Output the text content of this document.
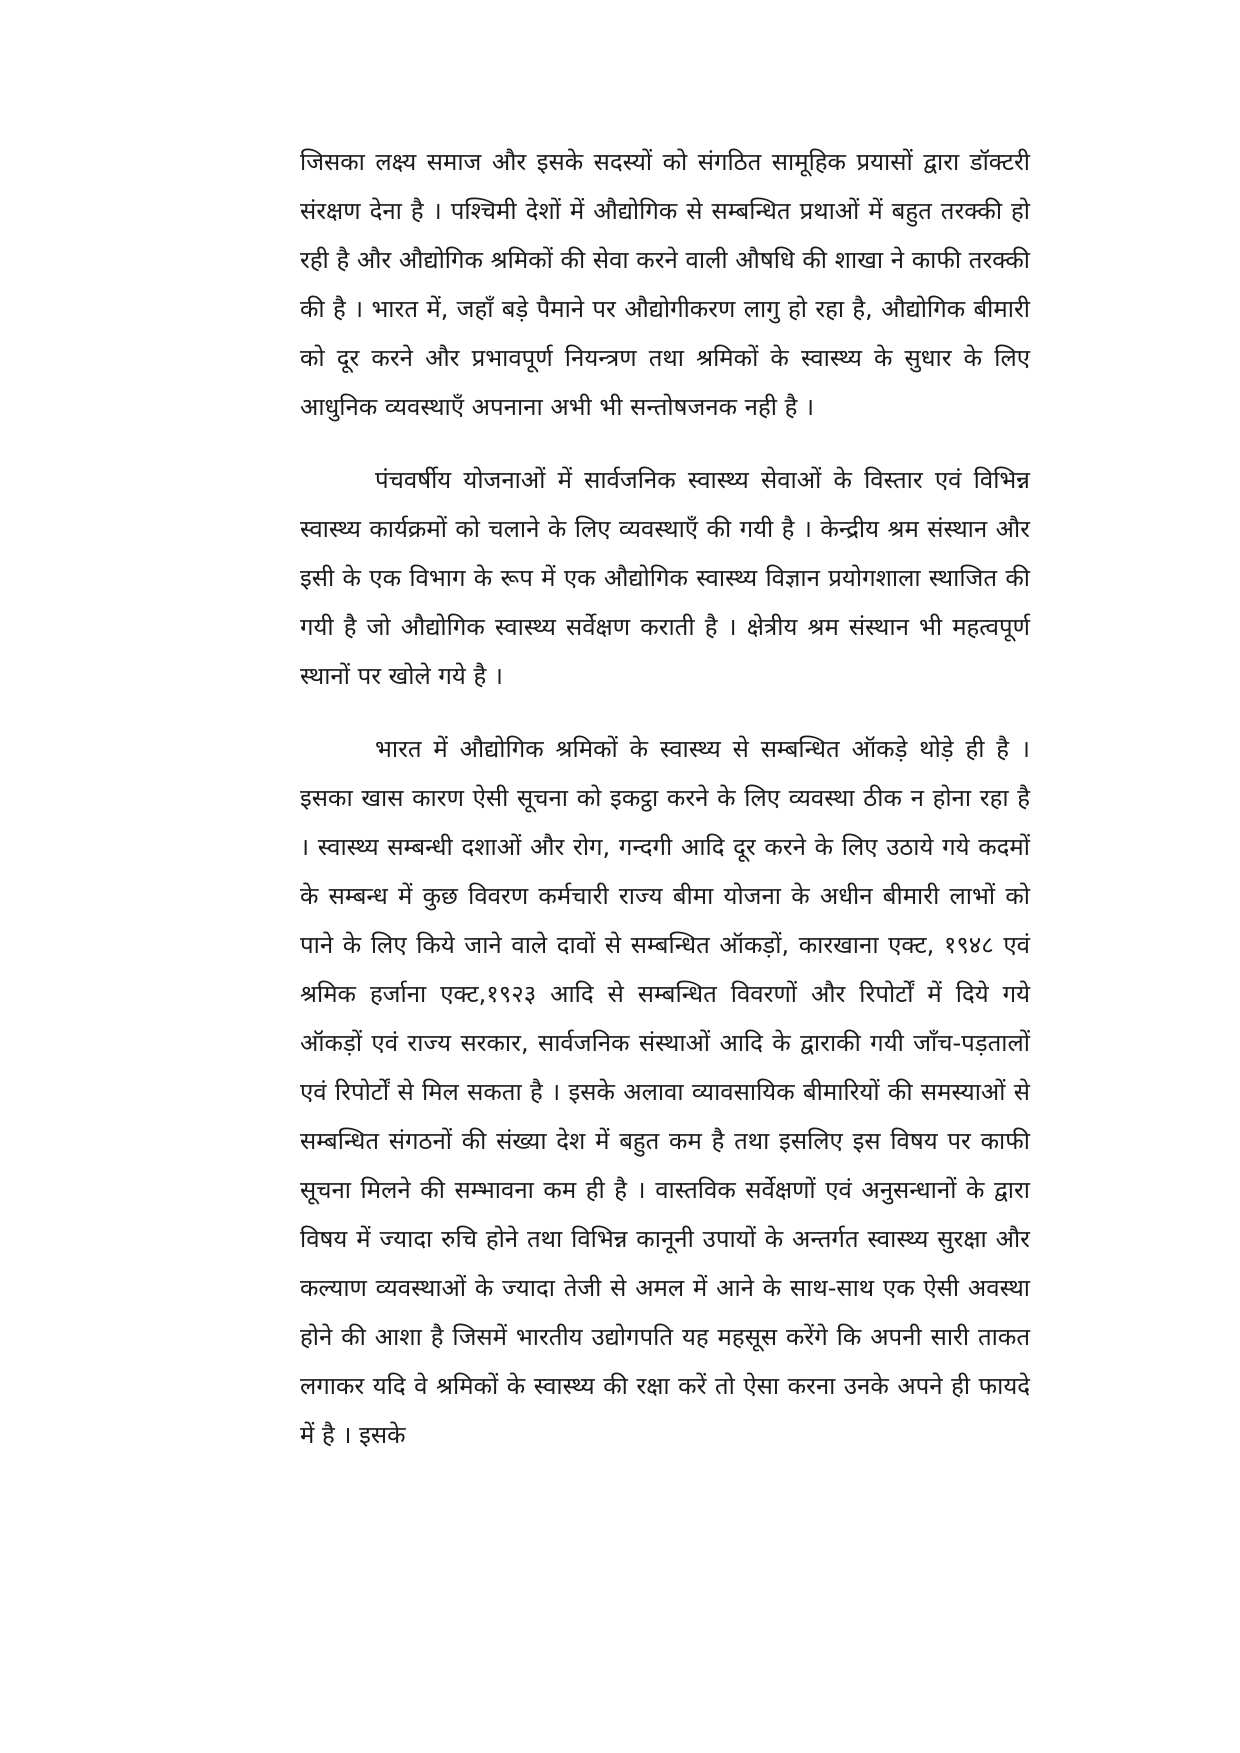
जिसका लक्ष्य समाज और इसके सदस्यों को संगठित सामूहिक प्रयासों द्वारा डॉक्टरी संरक्षण देना है । पश्चिमी देशों में औद्योगिक से सम्बन्धित प्रथाओं में बहुत तरक्की हो रही है और औद्योगिक श्रमिकों की सेवा करने वाली औषधि की शाखा ने काफी तरक्की की है । भारत में, जहाँ बड़े पैमाने पर औद्योगीकरण लागु हो रहा है, औद्योगिक बीमारी को दूर करने और प्रभावपूर्ण नियन्त्रण तथा श्रमिकों के स्वास्थ्य के सुधार के लिए आधुनिक व्यवस्थाएँ अपनाना अभी भी सन्तोषजनक नही है ।

पंचवर्षीय योजनाओं में सार्वजनिक स्वास्थ्य सेवाओं के विस्तार एवं विभिन्न स्वास्थ्य कार्यक्रमों को चलाने के लिए व्यवस्थाएँ की गयी है । केन्द्रीय श्रम संस्थान और इसी के एक विभाग के रूप में एक औद्योगिक स्वास्थ्य विज्ञान प्रयोगशाला स्थाजित की गयी है जो औद्योगिक स्वास्थ्य सर्वेक्षण कराती है । क्षेत्रीय श्रम संस्थान भी महत्वपूर्ण स्थानों पर खोले गये है ।

भारत में औद्योगिक श्रमिकों के स्वास्थ्य से सम्बन्धित ऑकड़े थोड़े ही है । इसका खास कारण ऐसी सूचना को इकट्ठा करने के लिए व्यवस्था ठीक न होना रहा है । स्वास्थ्य सम्बन्धी दशाओं और रोग, गन्दगी आदि दूर करने के लिए उठाये गये कदमों के सम्बन्ध में कुछ विवरण कर्मचारी राज्य बीमा योजना के अधीन बीमारी लाभों को पाने के लिए किये जाने वाले दावों से सम्बन्धित ऑकड़ों, कारखाना एक्ट, १९४८ एवं श्रमिक हर्जाना एक्ट,१९२३ आदि से सम्बन्धित विवरणों और रिपोर्टों में दिये गये ऑकड़ों एवं राज्य सरकार, सार्वजनिक संस्थाओं आदि के द्वाराकी गयी जाँच-पड़तालों एवं रिपोर्टों से मिल सकता है । इसके अलावा व्यावसायिक बीमारियों की समस्याओं से सम्बन्धित संगठनों की संख्या देश में बहुत कम है तथा इसलिए इस विषय पर काफी सूचना मिलने की सम्भावना कम ही है । वास्तविक सर्वेक्षणों एवं अनुसन्धानों के द्वारा विषय में ज्यादा रुचि होने तथा विभिन्न कानूनी उपायों के अन्तर्गत स्वास्थ्य सुरक्षा और कल्याण व्यवस्थाओं के ज्यादा तेजी से अमल में आने के साथ-साथ एक ऐसी अवस्था होने की आशा है जिसमें भारतीय उद्योगपति यह महसूस करेंगे कि अपनी सारी ताकत लगाकर यदि वे श्रमिकों के स्वास्थ्य की रक्षा करें तो ऐसा करना उनके अपने ही फायदे में है । इसके
